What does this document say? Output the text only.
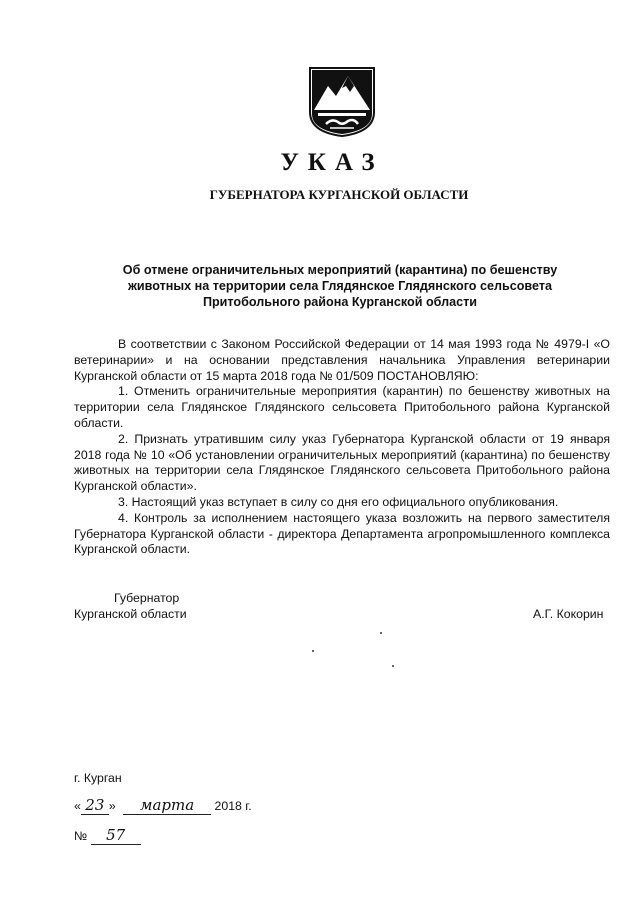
УКАЗ
ГУБЕРНАТОРА КУРГАНСКОЙ ОБЛАСТИ
Об отмене ограничительных мероприятий (карантина) по бешенству
животных на территории села Глядянское Глядянского сельсовета
Притобольного района Курганской области

В соответствии с Законом Российской Федерации от 14 мая 1993 года № 4979-I «О ветеринарии» и на основании представления начальника Управления ветеринарии Курганской области от 15 марта 2018 года № 01/509 ПОСТАНОВЛЯЮ:

1. Отменить ограничительные мероприятия (карантин) по бешенству животных на территории села Глядянское Глядянского сельсовета Притобольного района Курганской области.

2. Признать утратившим силу указ Губернатора Курганской области от 19 января 2018 года № 10 «Об установлении ограничительных мероприятий (карантина) по бешенству животных на территории села Глядянское Глядянского сельсовета Притобольного района Курганской области».

3. Настоящий указ вступает в силу со дня его официального опубликования.

4. Контроль за исполнением настоящего указа возложить на первого заместителя Губернатора Курганской области - директора Департамента агропромышленного комплекса Курганской области.

Губернатор
Курганской области	А.Г. Кокорин
г. Курган
« 23 » марта 2018 г.
№ 57
